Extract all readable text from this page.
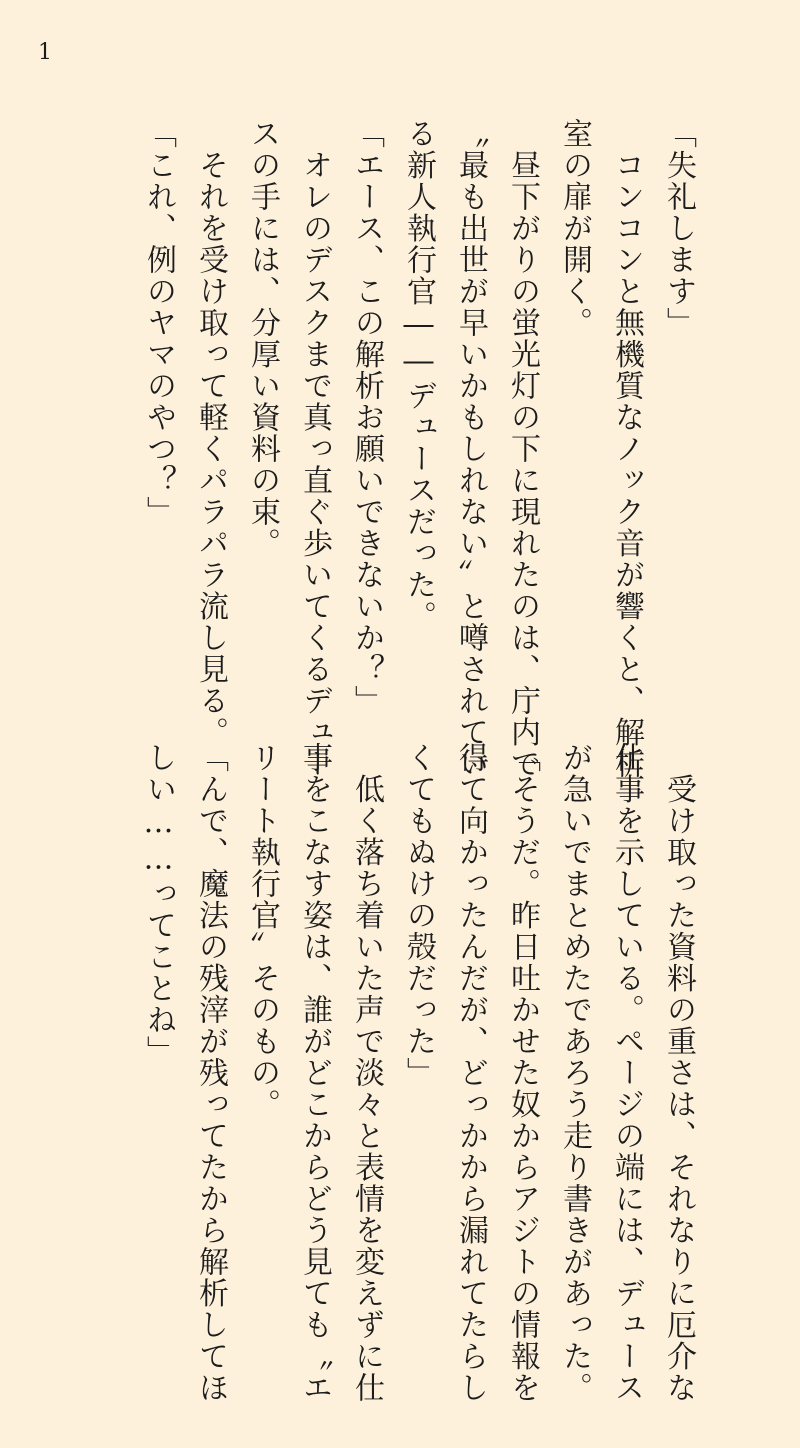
1
「失礼します」
　コンコンと無機質なノック音が響くと、解析
室の扉が開く。
　昼下がりの蛍光灯の下に現れたのは、庁内で
〝最も出世が早いかもしれない〟と噂されてい
る新人執行官――デュースだった。
「エース、この解析お願いできないか？」
　オレのデスクまで真っ直ぐ歩いてくるデュー
スの手には、分厚い資料の束。
　それを受け取って軽くパラパラ流し見る。
「これ、例のヤマのやつ？」
　受け取った資料の重さは、それなりに厄介な
仕事を示している。ページの端には、デュース
が急いでまとめたであろう走り書きがあった。
「そうだ。昨日吐かせた奴からアジトの情報を
得て向かったんだが、どっかから漏れてたらし
くてもぬけの殻だった」
　低く落ち着いた声で淡々と表情を変えずに仕
事をこなす姿は、誰がどこからどう見ても〝エ
リート執行官〟そのもの。
「んで、魔法の残滓が残ってたから解析してほ
しい……ってことね」
